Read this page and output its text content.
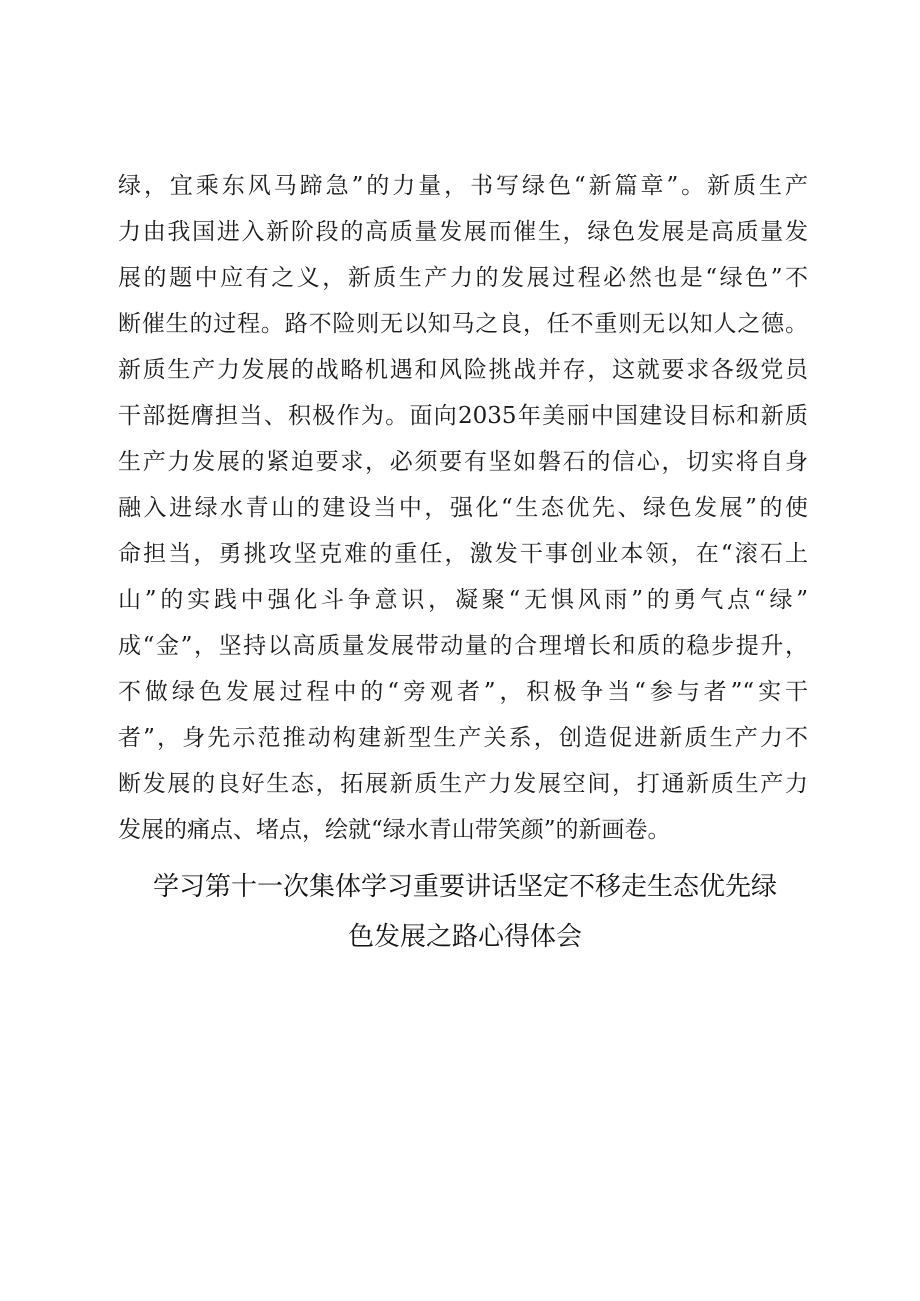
绿，宜乘东风马蹄急”的力量，书写绿色“新篇章”。新质生产
力由我国进入新阶段的高质量发展而催生，绿色发展是高质量发
展的题中应有之义，新质生产力的发展过程必然也是“绿色”不
断催生的过程。路不险则无以知马之良，任不重则无以知人之德。
新质生产力发展的战略机遇和风险挑战并存，这就要求各级党员
干部挺膺担当、积极作为。面向2035年美丽中国建设目标和新质
生产力发展的紧迫要求，必须要有坚如磐石的信心，切实将自身
融入进绿水青山的建设当中，强化“生态优先、绿色发展”的使
命担当，勇挑攻坚克难的重任，激发干事创业本领，在“滚石上
山”的实践中强化斗争意识，凝聚“无惧风雨”的勇气点“绿”
成“金”，坚持以高质量发展带动量的合理增长和质的稳步提升，
不做绿色发展过程中的“旁观者”，积极争当“参与者”“实干
者”，身先示范推动构建新型生产关系，创造促进新质生产力不
断发展的良好生态，拓展新质生产力发展空间，打通新质生产力
发展的痛点、堵点，绘就“绿水青山带笑颜”的新画卷。
学习第十一次集体学习重要讲话坚定不移走生态优先绿
色发展之路心得体会
